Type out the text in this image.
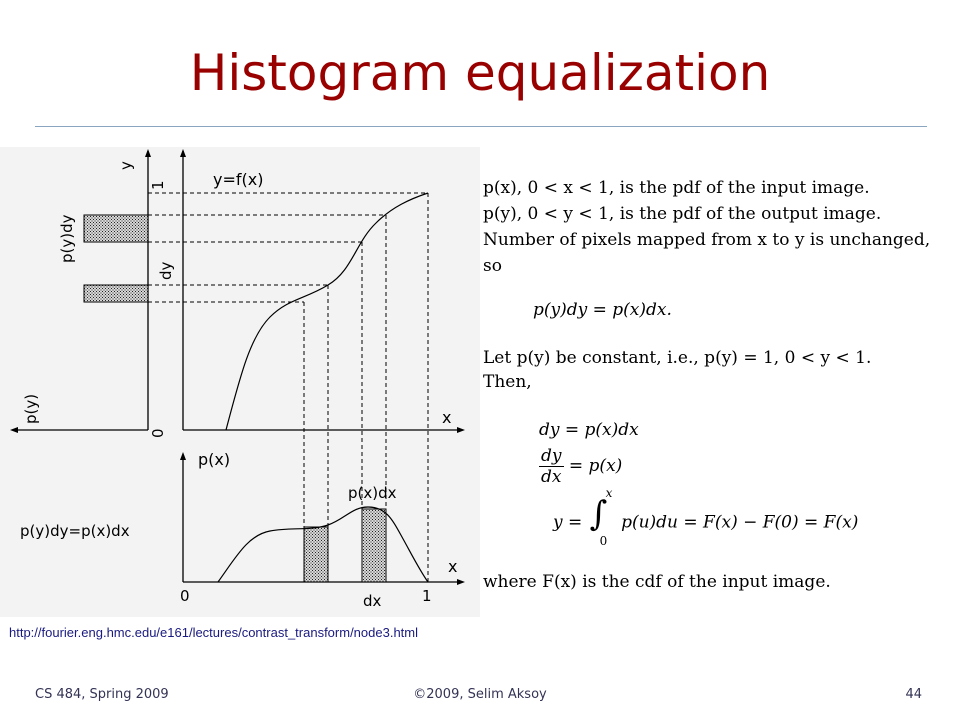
Histogram equalization
y
1
0
y=f(x)
dy
x
p(y)dy
p(y)
p(x)
p(x)dx
p(y)dy=p(x)dx
x
0	dx	1
p(x), 0 < x < 1, is the pdf of the input image.
p(y), 0 < y < 1, is the pdf of the output image.
Number of pixels mapped from x to y is unchanged,
so
p(y)dy = p(x)dx.
Let p(y) be constant, i.e., p(y) = 1, 0 < y < 1.
Then,
dy = p(x)dx
$\frac{dy}{dx} = p(x)$
y = ∫
x
0
p(u)du = F(x) − F(0) = F(x)
where F(x) is the cdf of the input image.
http://fourier.eng.hmc.edu/e161/lectures/contrast_transform/node3.html
CS 484, Spring 2009	©2009, Selim Aksoy	44
